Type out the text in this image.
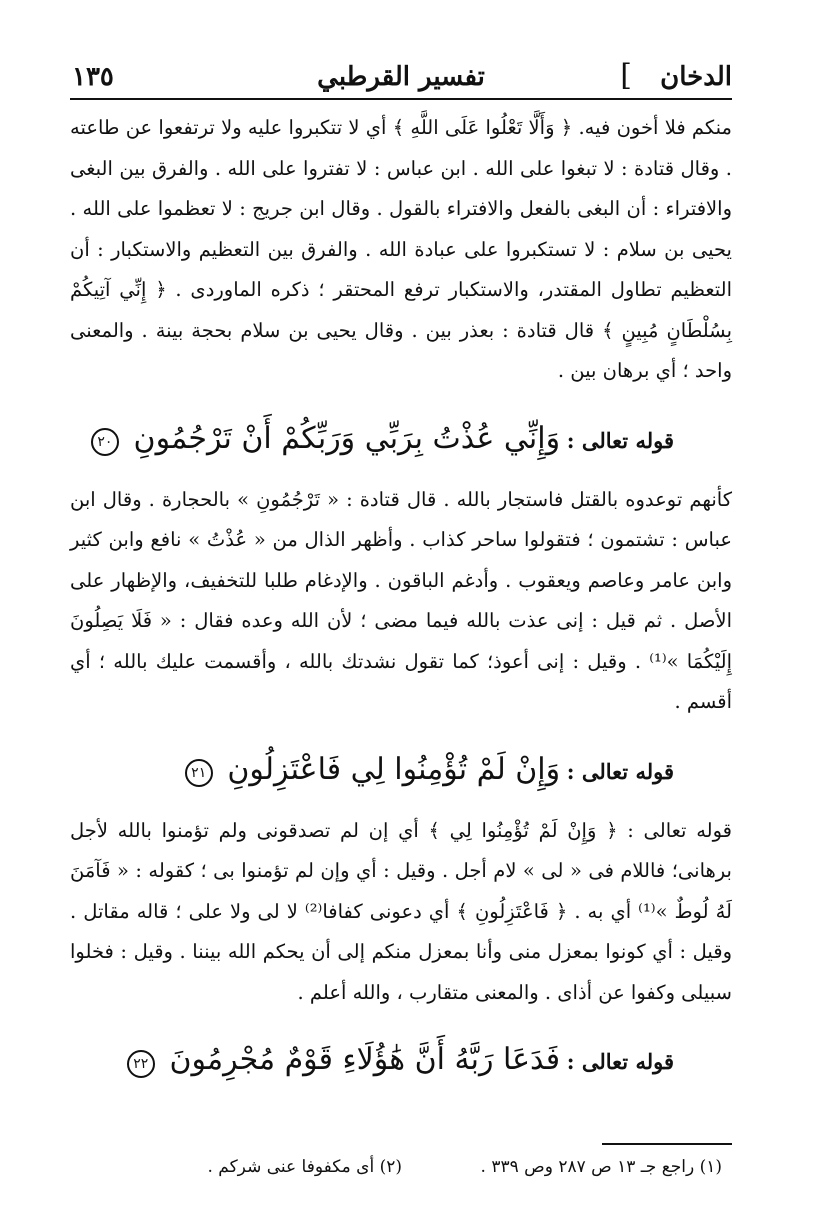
الدخان
]
تفسير القرطبي
١٣٥

منكم فلا أخون فيه. ﴿ وَأَلَّا تَعْلُوا عَلَى اللَّهِ ﴾ أي لا تتكبروا عليه ولا ترتفعوا عن طاعته . وقال قتادة : لا تبغوا على الله . ابن عباس : لا تفتروا على الله . والفرق بين البغى والافتراء : أن البغى بالفعل والافتراء بالقول . وقال ابن جريج : لا تعظموا على الله . يحيى بن سلام : لا تستكبروا على عبادة الله . والفرق بين التعظيم والاستكبار : أن التعظيم تطاول المقتدر، والاستكبار ترفع المحتقر ؛ ذكره الماوردى . ﴿ إِنِّي آتِيكُمْ بِسُلْطَانٍ مُبِينٍ ﴾ قال قتادة : بعذر بين . وقال يحيى بن سلام بحجة بينة . والمعنى واحد ؛ أي برهان بين .

قوله تعالى : وَإِنِّي عُذْتُ بِرَبِّي وَرَبِّكُمْ أَنْ تَرْجُمُونِ ٢٠

كأنهم توعدوه بالقتل فاستجار بالله . قال قتادة : « تَرْجُمُونِ » بالحجارة . وقال ابن عباس : تشتمون ؛ فتقولوا ساحر كذاب . وأظهر الذال من « عُذْتُ » نافع وابن كثير وابن عامر وعاصم ويعقوب . وأدغم الباقون . والإدغام طلبا للتخفيف، والإظهار على الأصل . ثم قيل : إنى عذت بالله فيما مضى ؛ لأن الله وعده فقال : « فَلَا يَصِلُونَ إِلَيْكُمَا »⁽¹⁾ . وقيل : إنى أعوذ؛ كما تقول نشدتك بالله ، وأقسمت عليك بالله ؛ أي أقسم .

قوله تعالى : وَإِنْ لَمْ تُؤْمِنُوا لِي فَاعْتَزِلُونِ ٢١

قوله تعالى : ﴿ وَإِنْ لَمْ تُؤْمِنُوا لِي ﴾ أي إن لم تصدقونى ولم تؤمنوا بالله لأجل برهانى؛ فاللام فى « لى » لام أجل . وقيل : أي وإن لم تؤمنوا بى ؛ كقوله : « فَآمَنَ لَهُ لُوطٌ »⁽¹⁾ أي به . ﴿ فَاعْتَزِلُونِ ﴾ أي دعونى كفافا⁽²⁾ لا لى ولا على ؛ قاله مقاتل . وقيل : أي كونوا بمعزل منى وأنا بمعزل منكم إلى أن يحكم الله بيننا . وقيل : فخلوا سبيلى وكفوا عن أذاى . والمعنى متقارب ، والله أعلم .

قوله تعالى : فَدَعَا رَبَّهُ أَنَّ هَٰؤُلَاءِ قَوْمٌ مُجْرِمُونَ ٢٢
(١) راجع جـ ١٣ ص ٢٨٧ وص ٣٣٩ .
(٢) أى مكفوفا عنى شركم .
